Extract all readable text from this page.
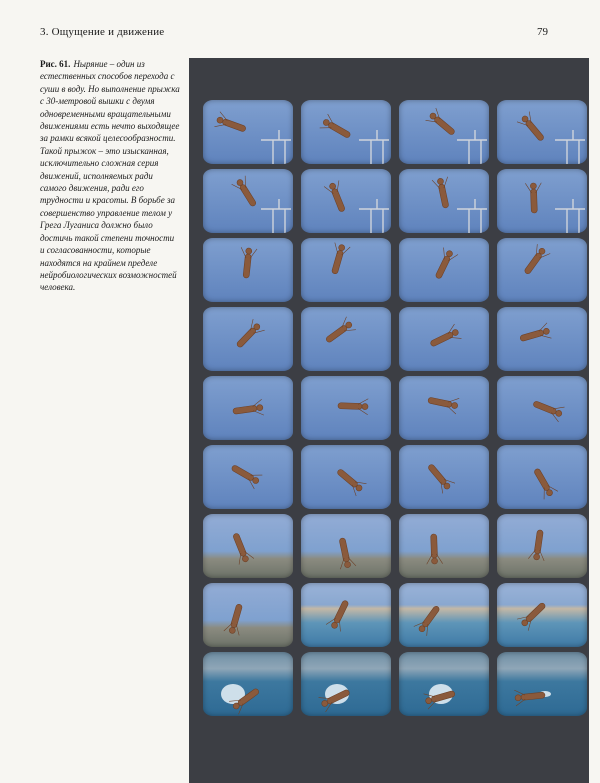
3. Ощущение и движение	79

Рис. 61. Ныряние – один из естественных способов перехода с суши в воду. Но выполнение прыжка с 30-метровой вышки с двумя одновременными вращательными движениями есть нечто выходящее за рамки всякой целесообразности. Такой прыжок – это изысканная, исключительно сложная серия движений, исполняемых ради самого движения, ради его трудности и красоты. В борьбе за совершенство управление телом у Грега Луганиса должно было достичь такой степени точности и согласованности, которые находятся на крайнем пределе нейробиологических возможностей человека.
